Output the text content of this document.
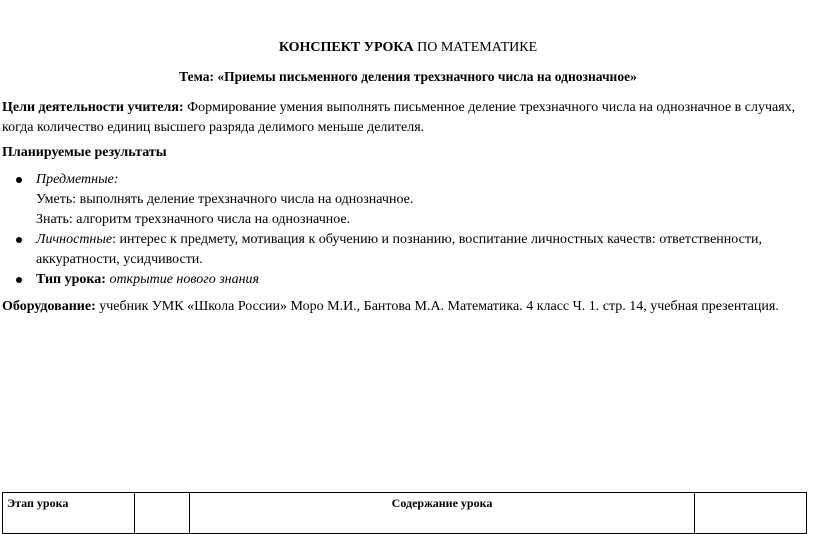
КОНСПЕКТ УРОКА ПО МАТЕМАТИКЕ
Тема: «Приемы письменного деления трехзначного числа на однозначное»
Цели деятельности учителя: Формирование умения выполнять письменное деление трехзначного числа на однозначное в случаях, когда количество единиц высшего разряда делимого меньше делителя.
Планируемые результаты
Предметные:
Уметь: выполнять деление трехзначного числа на однозначное.
Знать: алгоритм трехзначного числа на однозначное.
Личностные: интерес к предмету, мотивация к обучению и познанию, воспитание личностных качеств: ответственности, аккуратности, усидчивости.
Тип урока: открытие нового знания
Оборудование: учебник УМК «Школа России» Моро М.И., Бантова М.А. Математика. 4 класс Ч. 1. стр. 14, учебная презентация.
Этап урока		Содержание урока	
